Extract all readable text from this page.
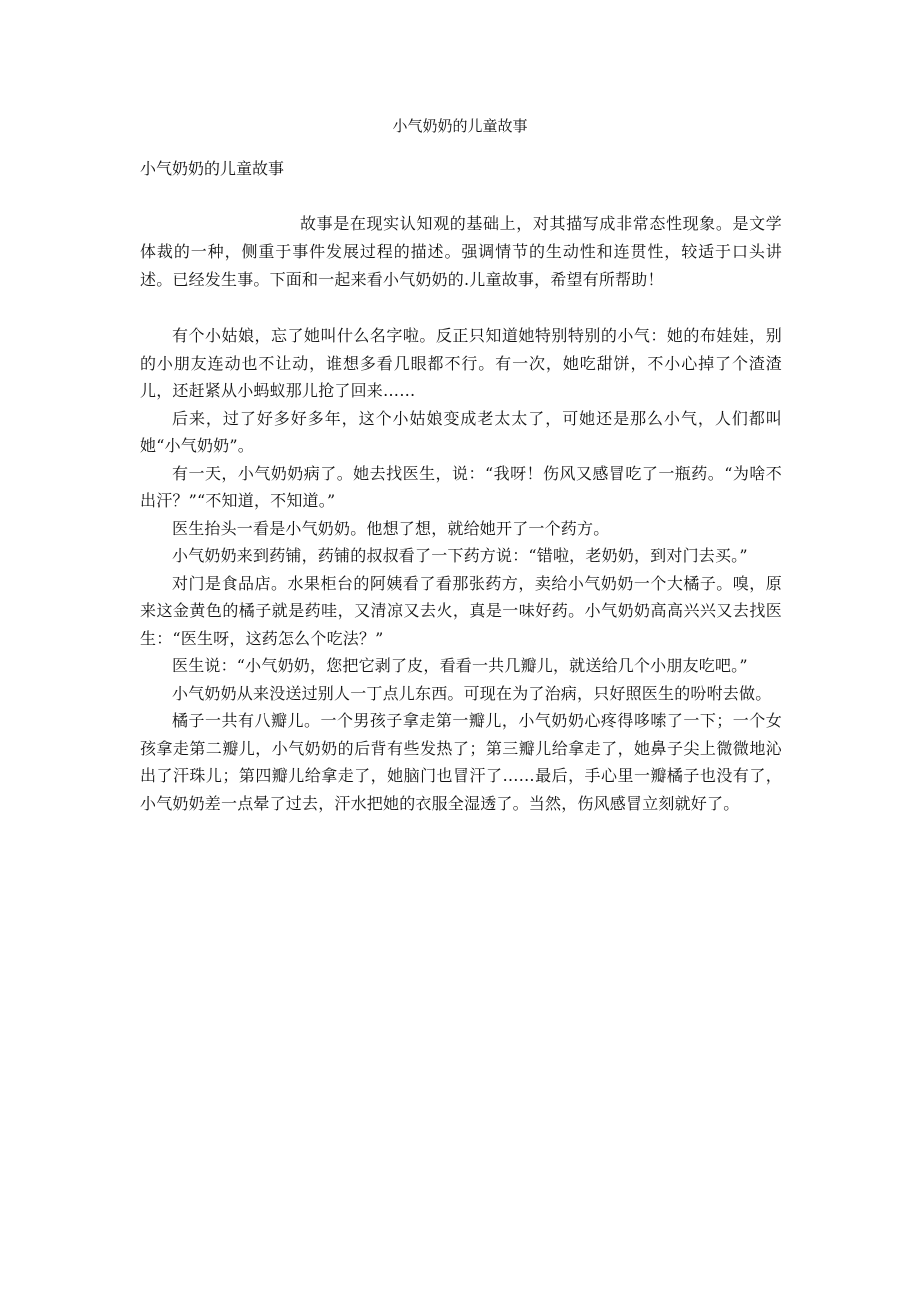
小气奶奶的儿童故事
小气奶奶的儿童故事

故事是在现实认知观的基础上，对其描写成非常态性现象。是文学体裁的一种，侧重于事件发展过程的描述。强调情节的生动性和连贯性，较适于口头讲述。已经发生事。下面和一起来看小气奶奶的.儿童故事，希望有所帮助！

有个小姑娘，忘了她叫什么名字啦。反正只知道她特别特别的小气：她的布娃娃，别的小朋友连动也不让动，谁想多看几眼都不行。有一次，她吃甜饼，不小心掉了个渣渣儿，还赶紧从小蚂蚁那儿抢了回来……

后来，过了好多好多年，这个小姑娘变成老太太了，可她还是那么小气，人们都叫她“小气奶奶”。

有一天，小气奶奶病了。她去找医生，说：“我呀！伤风又感冒吃了一瓶药。“为啥不出汗？”“不知道，不知道。”

医生抬头一看是小气奶奶。他想了想，就给她开了一个药方。

小气奶奶来到药铺，药铺的叔叔看了一下药方说：“错啦，老奶奶，到对门去买。”

对门是食品店。水果柜台的阿姨看了看那张药方，卖给小气奶奶一个大橘子。嗅，原来这金黄色的橘子就是药哇，又清凉又去火，真是一味好药。小气奶奶高高兴兴又去找医生：“医生呀，这药怎么个吃法？”

医生说：“小气奶奶，您把它剥了皮，看看一共几瓣儿，就送给几个小朋友吃吧。”

小气奶奶从来没送过别人一丁点儿东西。可现在为了治病，只好照医生的吩咐去做。

橘子一共有八瓣儿。一个男孩子拿走第一瓣儿，小气奶奶心疼得哆嗦了一下；一个女孩拿走第二瓣儿，小气奶奶的后背有些发热了；第三瓣儿给拿走了，她鼻子尖上微微地沁出了汗珠儿；第四瓣儿给拿走了，她脑门也冒汗了……最后，手心里一瓣橘子也没有了，小气奶奶差一点晕了过去，汗水把她的衣服全湿透了。当然，伤风感冒立刻就好了。
